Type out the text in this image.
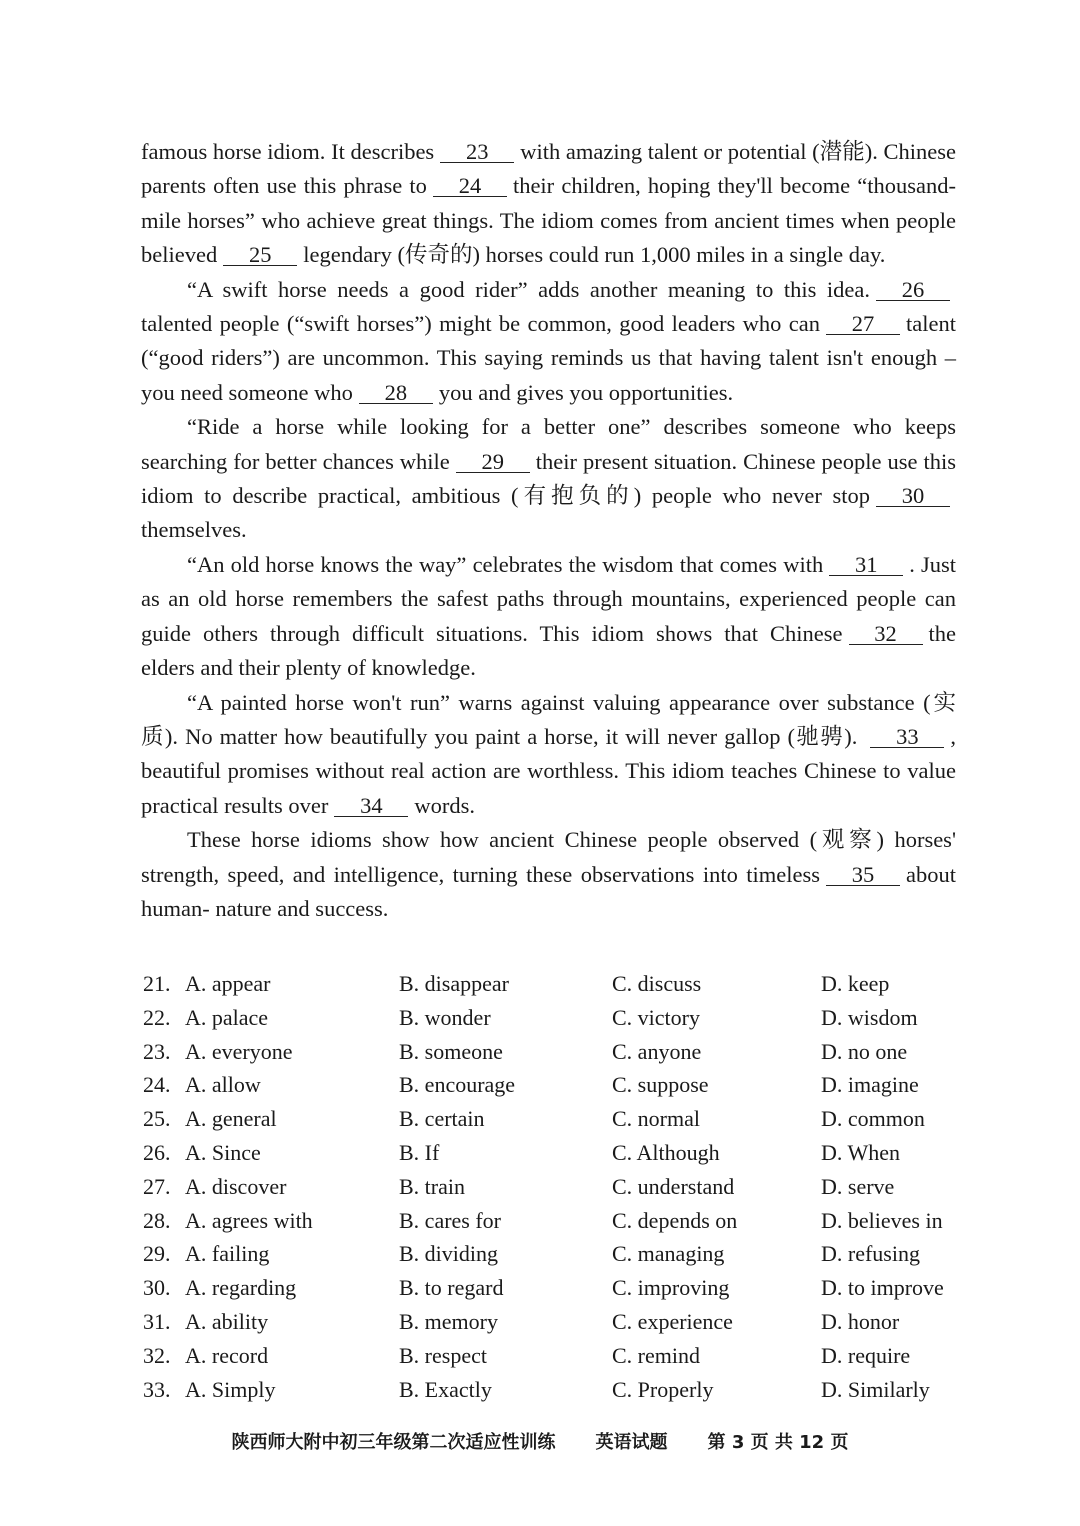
famous horse idiom. It describes 23 with amazing talent or potential (潜能). Chinese parents often use this phrase to 24 their children, hoping they'll become “thousand-mile horses” who achieve great things. The idiom comes from ancient times when people believed 25 legendary (传奇的) horses could run 1,000 miles in a single day.

“A swift horse needs a good rider” adds another meaning to this idea. 26talented people (“swift horses”) might be common, good leaders who can 27 talent (“good riders”) are uncommon. This saying reminds us that having talent isn't enough – you need someone who 28 you and gives you opportunities.

“Ride a horse while looking for a better one” describes someone who keeps searching for better chances while 29 their present situation. Chinese people use this idiom to describe practical, ambitious (有抱负的) people who never stop 30themselves.

“An old horse knows the way” celebrates the wisdom that comes with 31 . Just as an old horse remembers the safest paths through mountains, experienced people can guide others through difficult situations. This idiom shows that Chinese 32 the elders and their plenty of knowledge.

“A painted horse won't run” warns against valuing appearance over substance (实质). No matter how beautifully you paint a horse, it will never gallop (驰骋). 33 , beautiful promises without real action are worthless. This idiom teaches Chinese to value practical results over 34 words.

These horse idioms show how ancient Chinese people observed (观察) horses' strength, speed, and intelligence, turning these observations into timeless 35 about human- nature and success.

21. A. appear	B. disappear	C. discuss	D. keep
22. A. palace	B. wonder	C. victory	D. wisdom
23. A. everyone	B. someone	C. anyone	D. no one
24. A. allow	B. encourage	C. suppose	D. imagine
25. A. general	B. certain	C. normal	D. common
26. A. Since	B. If	C. Although	D. When
27. A. discover	B. train	C. understand	D. serve
28. A. agrees with	B. cares for	C. depends on	D. believes in
29. A. failing	B. dividing	C. managing	D. refusing
30. A. regarding	B. to regard	C. improving	D. to improve
31. A. ability	B. memory	C. experience	D. honor
32. A. record	B. respect	C. remind	D. require
33. A. Simply	B. Exactly	C. Properly	D. Similarly
陕西师大附中初三年级第二次适应性训练 英语试题 第 3 页 共 12 页
